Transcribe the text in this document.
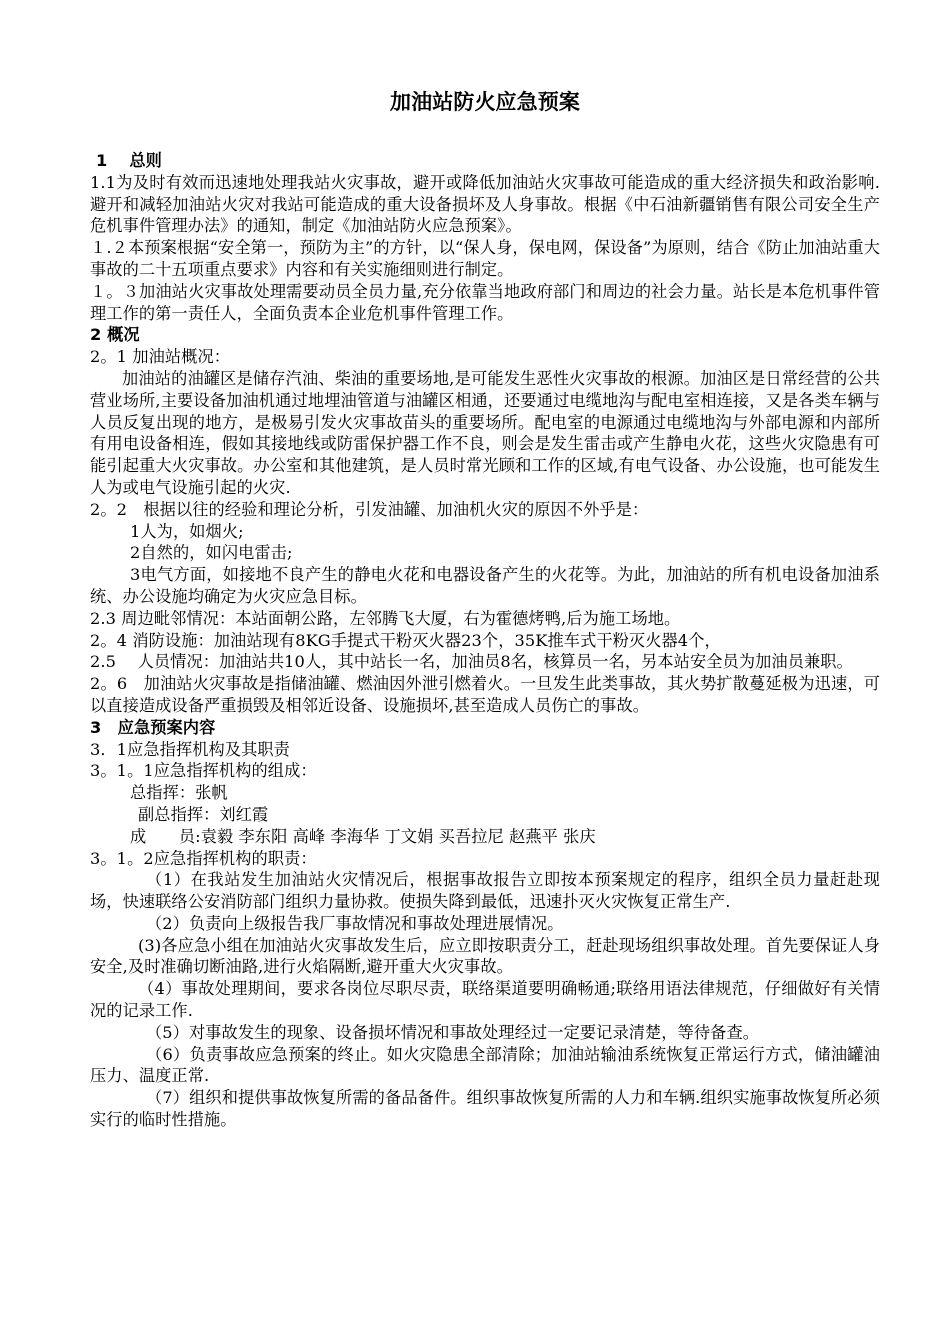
加油站防火应急预案

1　 总则

1.1为及时有效而迅速地处理我站火灾事故，避开或降低加油站火灾事故可能造成的重大经济损失和政治影响.避开和减轻加油站火灾对我站可能造成的重大设备损坏及人身事故。根据《中石油新疆销售有限公司安全生产危机事件管理办法》的通知，制定《加油站防火应急预案》。

１.２本预案根据“安全第一，预防为主”的方针，以“保人身，保电网，保设备”为原则，结合《防止加油站重大事故的二十五项重点要求》内容和有关实施细则进行制定。

１。３加油站火灾事故处理需要动员全员力量,充分依靠当地政府部门和周边的社会力量。站长是本危机事件管理工作的第一责任人，全面负责本企业危机事件管理工作。

2 概况

2。1 加油站概况：

加油站的油罐区是储存汽油、柴油的重要场地,是可能发生恶性火灾事故的根源。加油区是日常经营的公共营业场所,主要设备加油机通过地埋油管道与油罐区相通，还要通过电缆地沟与配电室相连接，又是各类车辆与人员反复出现的地方，是极易引发火灾事故苗头的重要场所。配电室的电源通过电缆地沟与外部电源和内部所有用电设备相连，假如其接地线或防雷保护器工作不良，则会是发生雷击或产生静电火花，这些火灾隐患有可能引起重大火灾事故。办公室和其他建筑，是人员时常光顾和工作的区域,有电气设备、办公设施，也可能发生人为或电气设施引起的火灾.

2。2　根据以往的经验和理论分析，引发油罐、加油机火灾的原因不外乎是：

1人为，如烟火;

2自然的，如闪电雷击;

3电气方面，如接地不良产生的静电火花和电器设备产生的火花等。为此，加油站的所有机电设备加油系统、办公设施均确定为火灾应急目标。

2.3 周边毗邻情况：本站面朝公路，左邻腾飞大厦，右为霍德烤鸭,后为施工场地。

2。4 消防设施：加油站现有8KG手提式干粉灭火器23个，35K推车式干粉灭火器4个，

2.5　 人员情况：加油站共10人，其中站长一名，加油员8名，核算员一名，另本站安全员为加油员兼职。

2。6　加油站火灾事故是指储油罐、燃油因外泄引燃着火。一旦发生此类事故，其火势扩散蔓延极为迅速，可以直接造成设备严重损毁及相邻近设备、设施损坏,甚至造成人员伤亡的事故。

3　应急预案内容

3．1应急指挥机构及其职责

3。1。1应急指挥机构的组成：

总指挥：张帆

副总指挥：刘红霞

成　　员:袁毅 李东阳 高峰 李海华 丁文娟 买吾拉尼 赵燕平 张庆

3。1。2应急指挥机构的职责：

（1）在我站发生加油站火灾情况后，根据事故报告立即按本预案规定的程序，组织全员力量赶赴现场，快速联络公安消防部门组织力量协救。使损失降到最低，迅速扑灭火灾恢复正常生产.

（2）负责向上级报告我厂事故情况和事故处理进展情况。

(3)各应急小组在加油站火灾事故发生后，应立即按职责分工，赶赴现场组织事故处理。首先要保证人身安全,及时准确切断油路,进行火焰隔断,避开重大火灾事故。

（4）事故处理期间，要求各岗位尽职尽责，联络渠道要明确畅通;联络用语法律规范，仔细做好有关情况的记录工作.

（5）对事故发生的现象、设备损坏情况和事故处理经过一定要记录清楚，等待备查。

（6）负责事故应急预案的终止。如火灾隐患全部清除；加油站输油系统恢复正常运行方式，储油罐油压力、温度正常.

（7）组织和提供事故恢复所需的备品备件。组织事故恢复所需的人力和车辆.组织实施事故恢复所必须实行的临时性措施。
